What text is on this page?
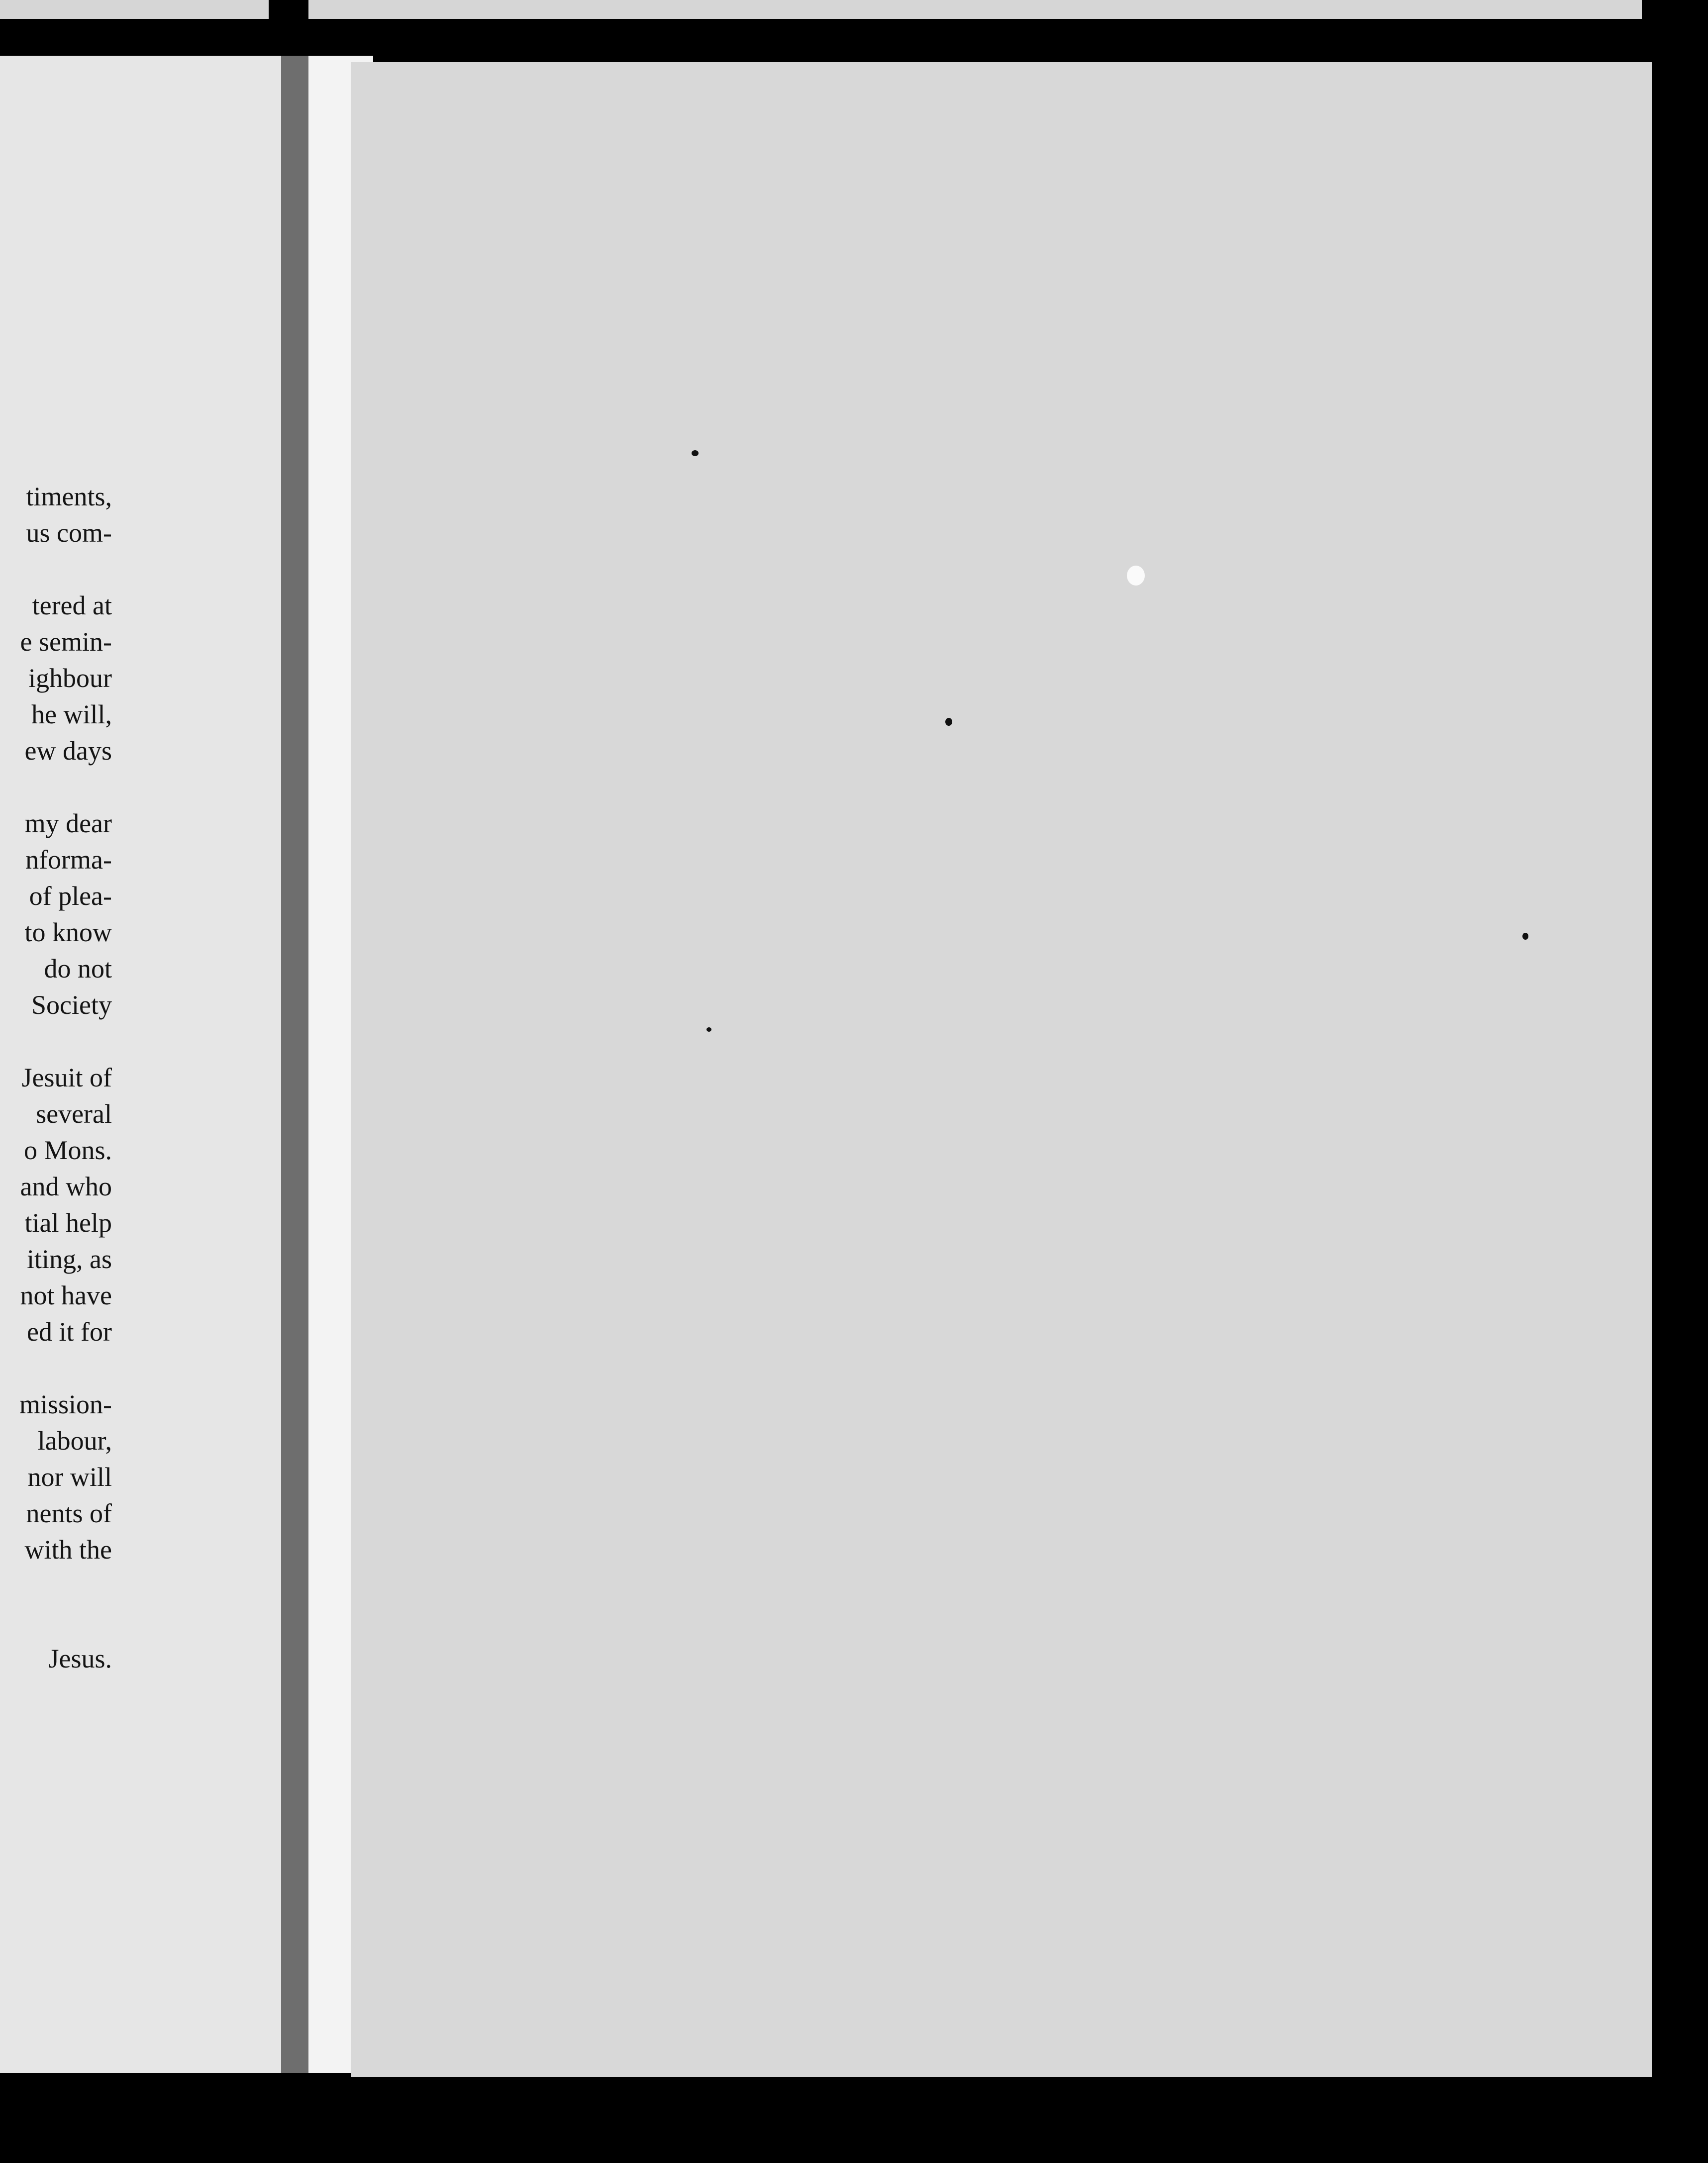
timents,
us com-

tered at
e semin-
ighbour
he will,
ew days

my dear
nforma-
of plea-
to know
do not
Society

Jesuit of
several
o Mons.
and who
tial help
iting, as
not have
ed it for

mission-
labour,
nor will
nents of
with the

Jesus.
